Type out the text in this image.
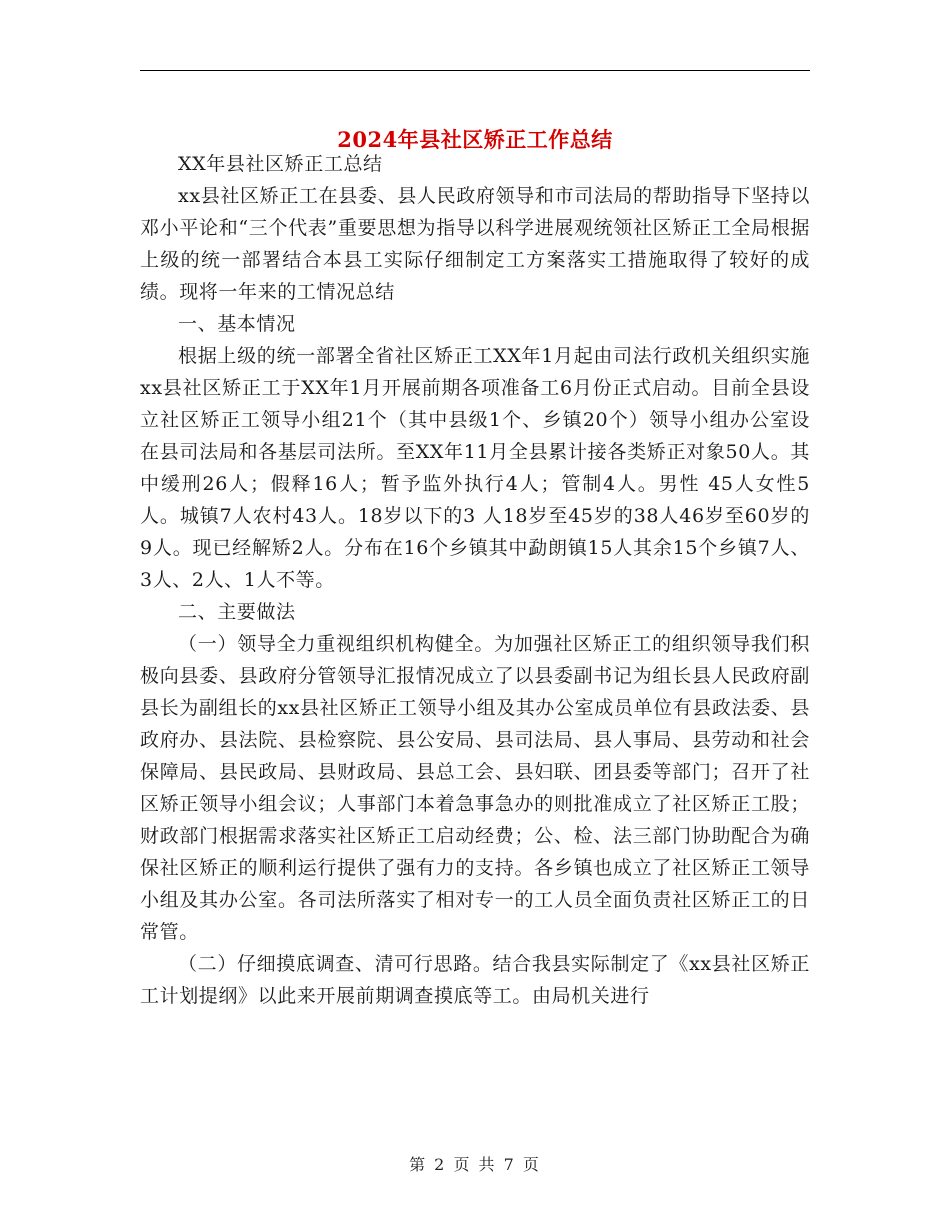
2024年县社区矫正工作总结

XX年县社区矫正工总结

xx县社区矫正工在县委、县人民政府领导和市司法局的帮助指导下坚持以邓小平论和“三个代表”重要思想为指导以科学进展观统领社区矫正工全局根据上级的统一部署结合本县工实际仔细制定工方案落实工措施取得了较好的成绩。现将一年来的工情况总结

一、基本情况

根据上级的统一部署全省社区矫正工XX年1月起由司法行政机关组织实施xx县社区矫正工于XX年1月开展前期各项准备工6月份正式启动。目前全县设立社区矫正工领导小组21个（其中县级1个、乡镇20个）领导小组办公室设在县司法局和各基层司法所。至XX年11月全县累计接各类矫正对象50人。其中缓刑26人；假释16人；暂予监外执行4人；管制4人。男性 45人女性5 人。城镇7人农村43人。18岁以下的3 人18岁至45岁的38人46岁至60岁的9人。现已经解矫2人。分布在16个乡镇其中勐朗镇15人其余15个乡镇7人、3人、2人、1人不等。

二、主要做法

（一）领导全力重视组织机构健全。为加强社区矫正工的组织领导我们积极向县委、县政府分管领导汇报情况成立了以县委副书记为组长县人民政府副县长为副组长的xx县社区矫正工领导小组及其办公室成员单位有县政法委、县政府办、县法院、县检察院、县公安局、县司法局、县人事局、县劳动和社会保障局、县民政局、县财政局、县总工会、县妇联、团县委等部门；召开了社区矫正领导小组会议；人事部门本着急事急办的则批准成立了社区矫正工股；财政部门根据需求落实社区矫正工启动经费；公、检、法三部门协助配合为确保社区矫正的顺利运行提供了强有力的支持。各乡镇也成立了社区矫正工领导小组及其办公室。各司法所落实了相对专一的工人员全面负责社区矫正工的日常管。

（二）仔细摸底调查、清可行思路。结合我县实际制定了《xx县社区矫正工计划提纲》以此来开展前期调查摸底等工。由局机关进行

第 2 页 共 7 页
